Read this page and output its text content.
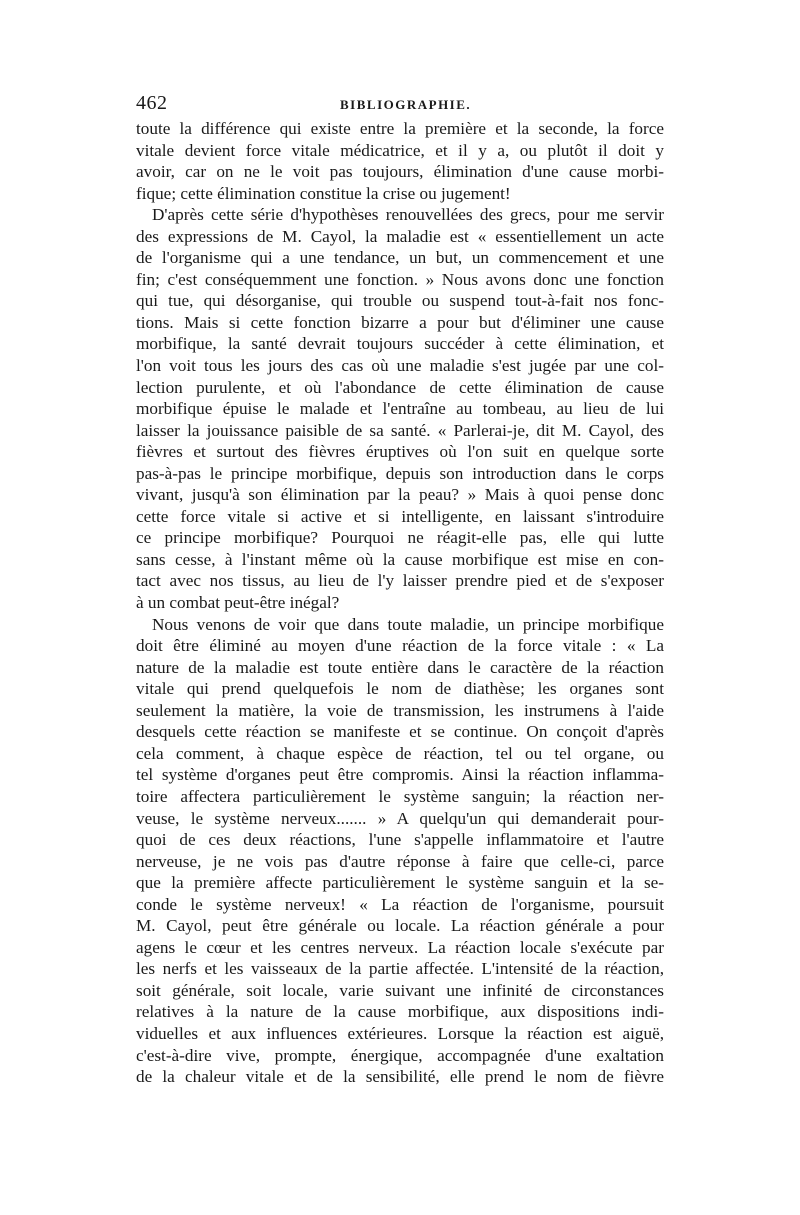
462	BIBLIOGRAPHIE.
toute la différence qui existe entre la première et la seconde, la force
vitale devient force vitale médicatrice, et il y a, ou plutôt il doit y
avoir, car on ne le voit pas toujours, élimination d'une cause morbi-
fique; cette élimination constitue la crise ou jugement!
D'après cette série d'hypothèses renouvellées des grecs, pour me servir
des expressions de M. Cayol, la maladie est « essentiellement un acte
de l'organisme qui a une tendance, un but, un commencement et une
fin; c'est conséquemment une fonction. » Nous avons donc une fonction
qui tue, qui désorganise, qui trouble ou suspend tout-à-fait nos fonc-
tions. Mais si cette fonction bizarre a pour but d'éliminer une cause
morbifique, la santé devrait toujours succéder à cette élimination, et
l'on voit tous les jours des cas où une maladie s'est jugée par une col-
lection purulente, et où l'abondance de cette élimination de cause
morbifique épuise le malade et l'entraîne au tombeau, au lieu de lui
laisser la jouissance paisible de sa santé. « Parlerai-je, dit M. Cayol, des
fièvres et surtout des fièvres éruptives où l'on suit en quelque sorte
pas-à-pas le principe morbifique, depuis son introduction dans le corps
vivant, jusqu'à son élimination par la peau? » Mais à quoi pense donc
cette force vitale si active et si intelligente, en laissant s'introduire
ce principe morbifique? Pourquoi ne réagit-elle pas, elle qui lutte
sans cesse, à l'instant même où la cause morbifique est mise en con-
tact avec nos tissus, au lieu de l'y laisser prendre pied et de s'exposer
à un combat peut-être inégal?
Nous venons de voir que dans toute maladie, un principe morbifique
doit être éliminé au moyen d'une réaction de la force vitale : « La
nature de la maladie est toute entière dans le caractère de la réaction
vitale qui prend quelquefois le nom de diathèse; les organes sont
seulement la matière, la voie de transmission, les instrumens à l'aide
desquels cette réaction se manifeste et se continue. On conçoit d'après
cela comment, à chaque espèce de réaction, tel ou tel organe, ou
tel système d'organes peut être compromis. Ainsi la réaction inflamma-
toire affectera particulièrement le système sanguin; la réaction ner-
veuse, le système nerveux....... » A quelqu'un qui demanderait pour-
quoi de ces deux réactions, l'une s'appelle inflammatoire et l'autre
nerveuse, je ne vois pas d'autre réponse à faire que celle-ci, parce
que la première affecte particulièrement le système sanguin et la se-
conde le système nerveux! « La réaction de l'organisme, poursuit
M. Cayol, peut être générale ou locale. La réaction générale a pour
agens le cœur et les centres nerveux. La réaction locale s'exécute par
les nerfs et les vaisseaux de la partie affectée. L'intensité de la réaction,
soit générale, soit locale, varie suivant une infinité de circonstances
relatives à la nature de la cause morbifique, aux dispositions indi-
viduelles et aux influences extérieures. Lorsque la réaction est aiguë,
c'est-à-dire vive, prompte, énergique, accompagnée d'une exaltation
de la chaleur vitale et de la sensibilité, elle prend le nom de fièvre
